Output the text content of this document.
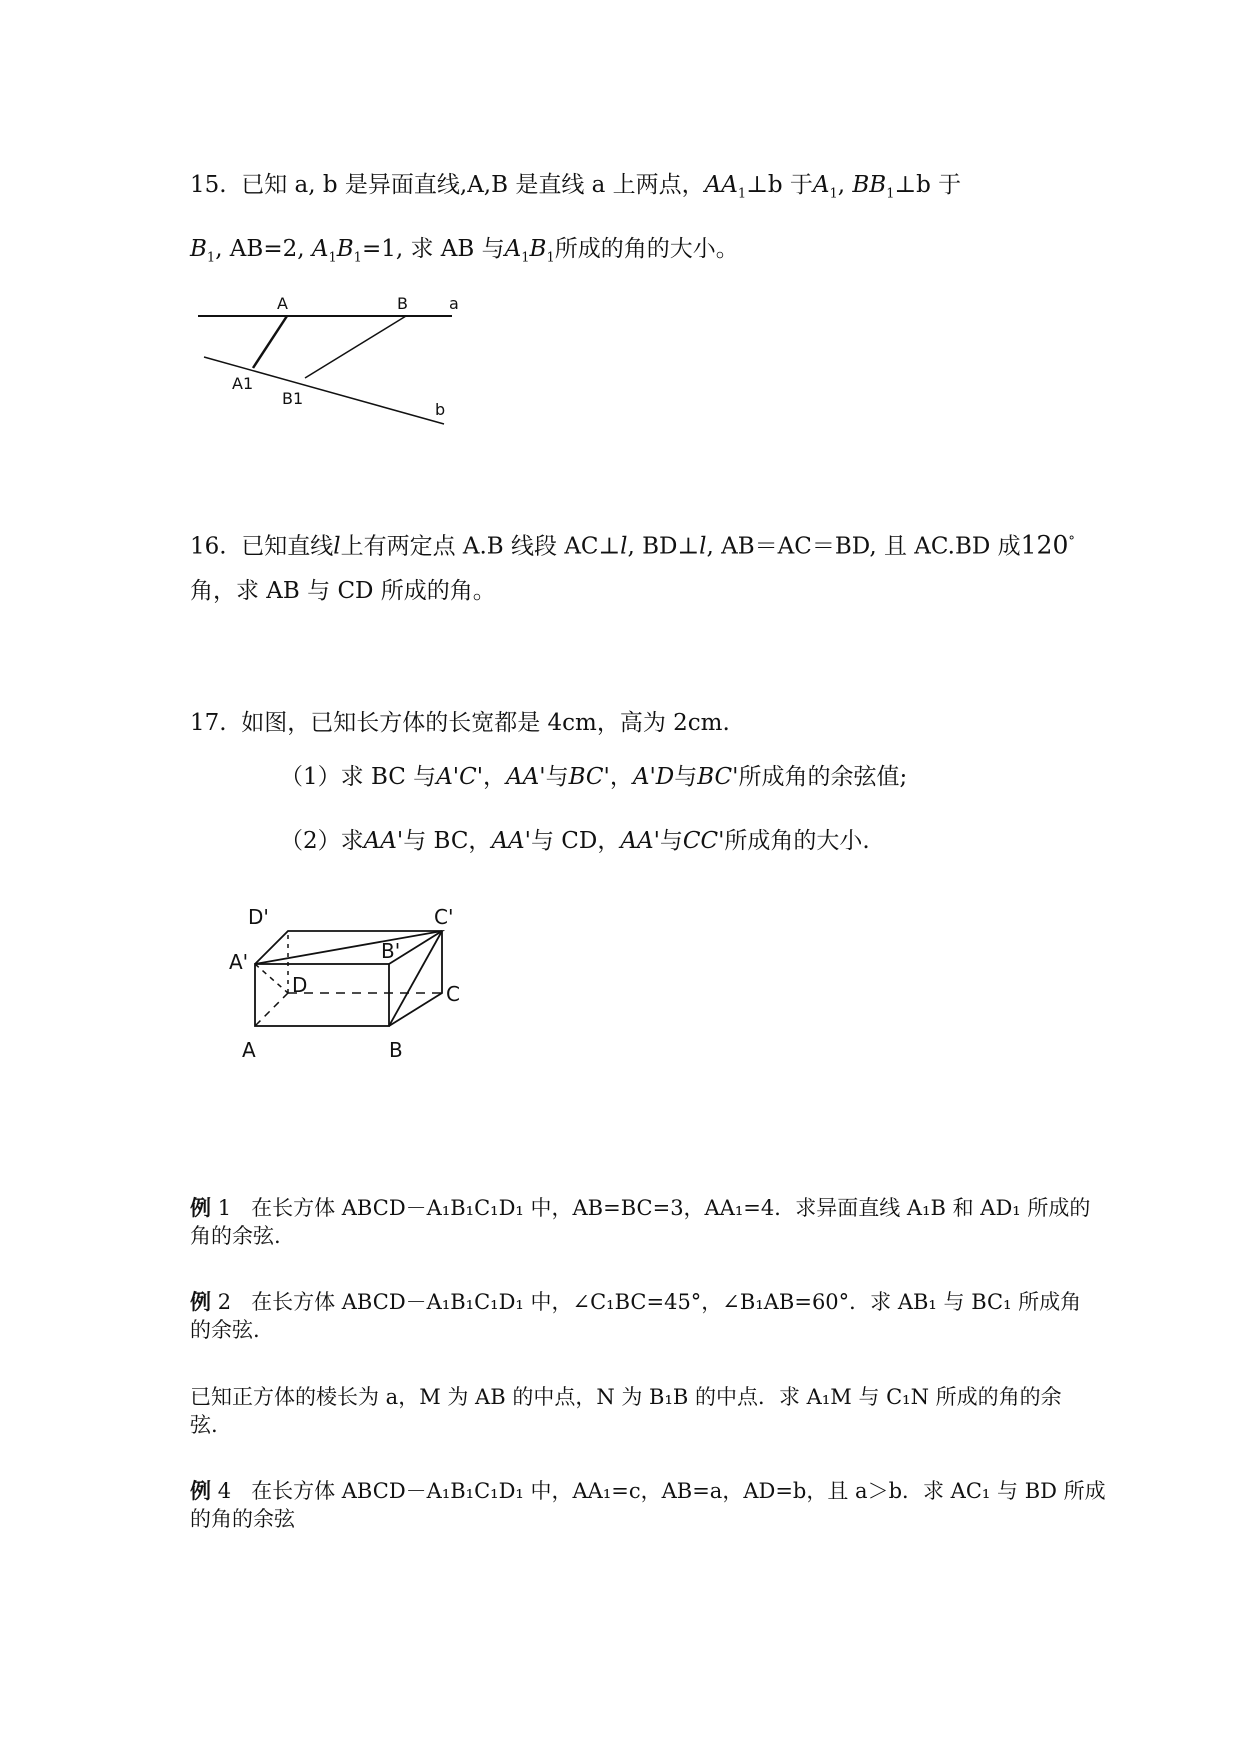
15. 已知 a, b 是异面直线,A,B 是直线 a 上两点，$AA_1\perp b$ 于$A_1$, $BB_1\perp b$ 于
$B_1$, AB=2, $A_1B_1=1$, 求 AB 与$A_1B_1$所成的角的大小。
A	B	a
A1
B1
b
16. 已知直线l上有两定点 A.B 线段 AC⊥l, BD⊥l, AB＝AC＝BD, 且 AC.BD 成120°
角，求 AB 与 CD 所成的角。
17. 如图，已知长方体的长宽都是 4cm，高为 2cm.
（1）求 BC 与A'C'，AA'与BC'，A'D与BC'所成角的余弦值;
（2）求AA'与 BC，AA'与 CD，AA'与CC'所成角的大小.
D'	C'
A'	B'
D	C
A	B
例 1 在长方体 ABCD－A₁B₁C₁D₁ 中，AB=BC=3，AA₁=4．求异面直线 A₁B 和 AD₁ 所成的
角的余弦.
例 2 在长方体 ABCD－A₁B₁C₁D₁ 中，∠C₁BC=45°，∠B₁AB=60°．求 AB₁ 与 BC₁ 所成角
的余弦.
已知正方体的棱长为 a，M 为 AB 的中点，N 为 B₁B 的中点．求 A₁M 与 C₁N 所成的角的余
弦.
例 4 在长方体 ABCD－A₁B₁C₁D₁ 中，AA₁=c，AB=a，AD=b，且 a＞b．求 AC₁ 与 BD 所成
的角的余弦
